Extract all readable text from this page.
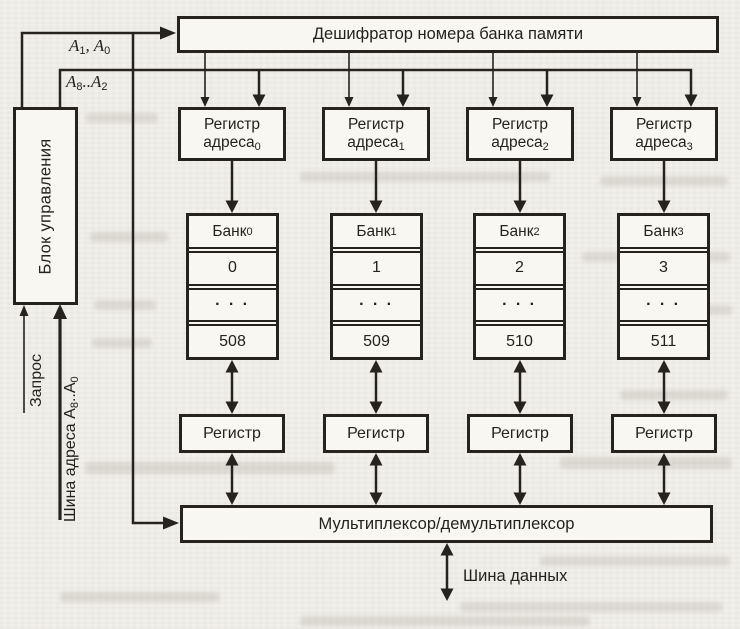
Дешифратор номера банка памяти
Блок управления
$A_1$, $A_0$
$A_8..A_2$
Запрос
Шина адреса $A_8..A_0$
Шина данных
Регистр
адреса$_0$
Банк 0
0
· · ·
508
Регистр
Регистр
адреса$_1$
Банк 1
1
· · ·
509
Регистр
Регистр
адреса$_2$
Банк 2
2
· · ·
510
Регистр
Регистр
адреса$_3$
Банк 3
3
· · ·
511
Регистр
Мультиплексор/демультиплексор
